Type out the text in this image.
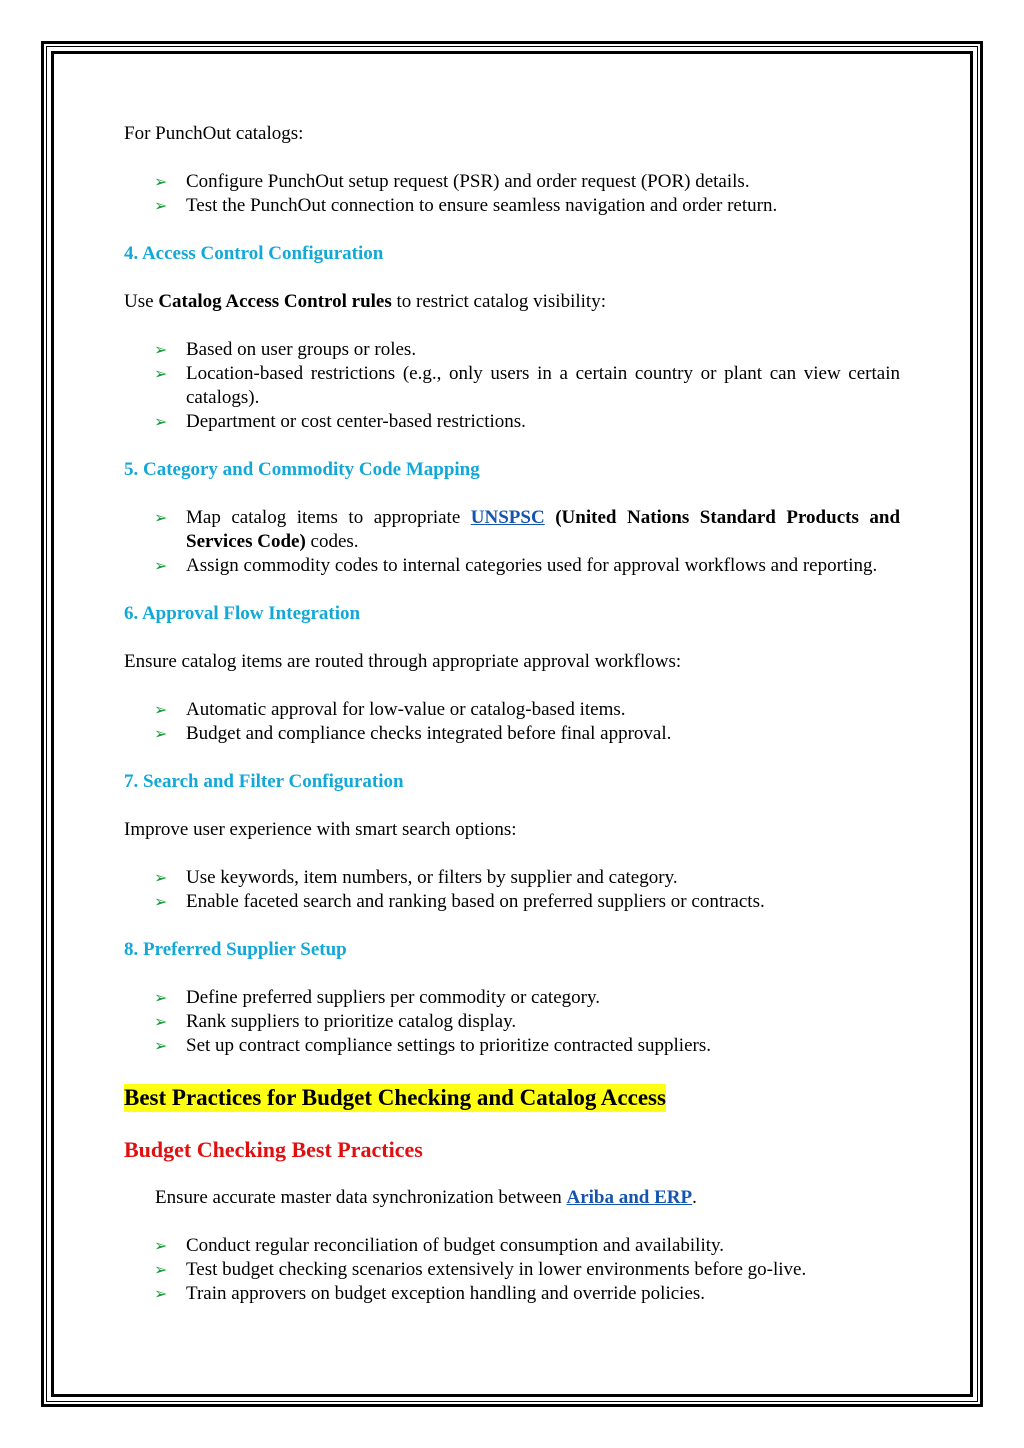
For PunchOut catalogs:

➢ Configure PunchOut setup request (PSR) and order request (POR) details.
➢ Test the PunchOut connection to ensure seamless navigation and order return.

4. Access Control Configuration

Use Catalog Access Control rules to restrict catalog visibility:

➢ Based on user groups or roles.
➢ Location-based restrictions (e.g., only users in a certain country or plant can view certain catalogs).
➢ Department or cost center-based restrictions.

5. Category and Commodity Code Mapping

➢ Map catalog items to appropriate UNSPSC (United Nations Standard Products and Services Code) codes.
➢ Assign commodity codes to internal categories used for approval workflows and reporting.

6. Approval Flow Integration

Ensure catalog items are routed through appropriate approval workflows:

➢ Automatic approval for low-value or catalog-based items.
➢ Budget and compliance checks integrated before final approval.

7. Search and Filter Configuration

Improve user experience with smart search options:

➢ Use keywords, item numbers, or filters by supplier and category.
➢ Enable faceted search and ranking based on preferred suppliers or contracts.

8. Preferred Supplier Setup

➢ Define preferred suppliers per commodity or category.
➢ Rank suppliers to prioritize catalog display.
➢ Set up contract compliance settings to prioritize contracted suppliers.

Best Practices for Budget Checking and Catalog Access

Budget Checking Best Practices

Ensure accurate master data synchronization between Ariba and ERP.

➢ Conduct regular reconciliation of budget consumption and availability.
➢ Test budget checking scenarios extensively in lower environments before go-live.
➢ Train approvers on budget exception handling and override policies.
